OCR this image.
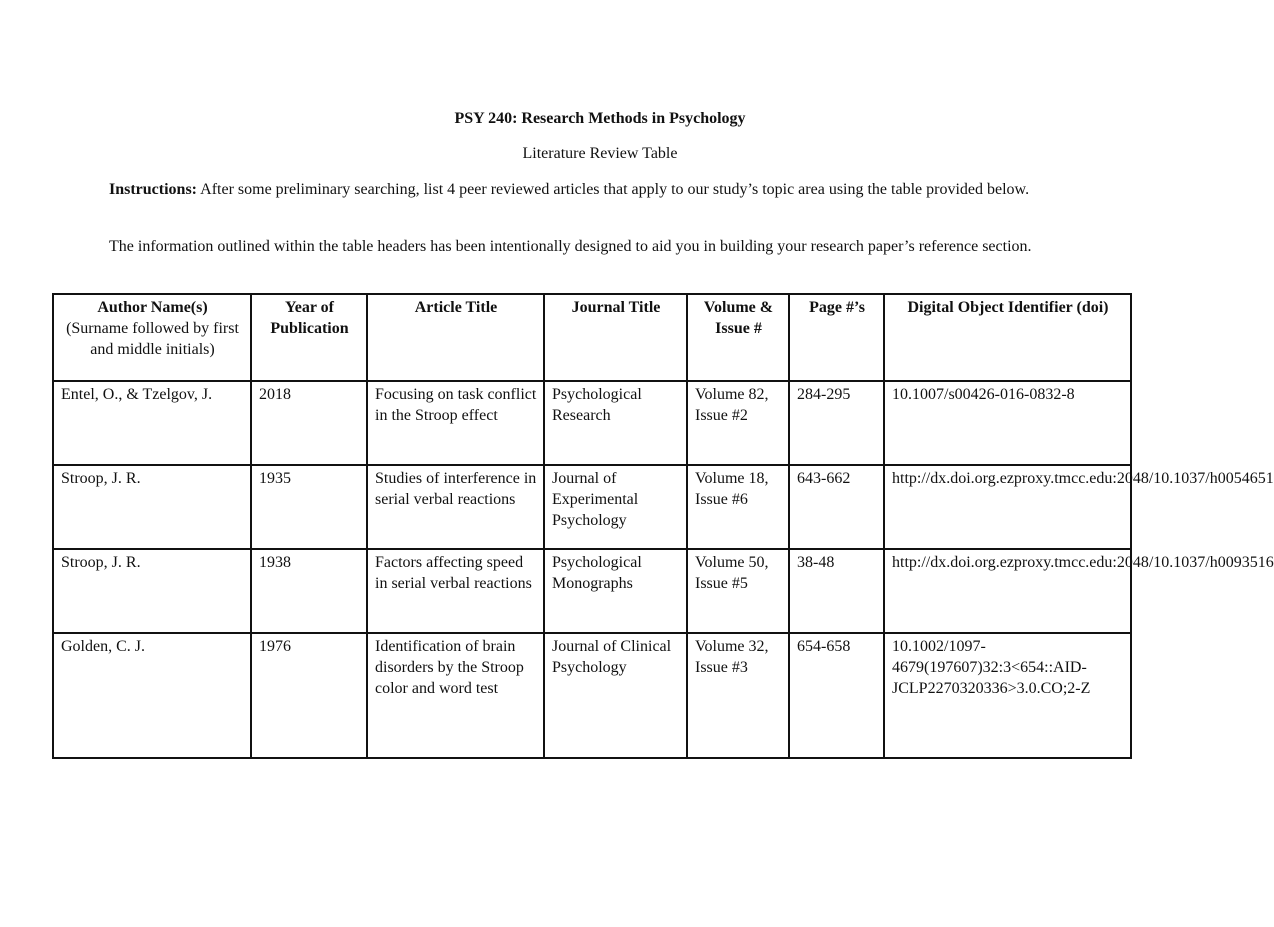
PSY 240: Research Methods in Psychology
Literature Review Table
Instructions: After some preliminary searching, list 4 peer reviewed articles that apply to our study’s topic area using the table provided below.
The information outlined within the table headers has been intentionally designed to aid you in building your research paper’s reference section.
Author Name(s)
(Surname followed by first and middle initials)	Year of Publication	Article Title	Journal Title	Volume & Issue #	Page #’s	Digital Object Identifier (doi)
Entel, O., & Tzelgov, J.	2018	Focusing on task conflict in the Stroop effect	Psychological Research	Volume 82, Issue #2	284-295	10.1007/s00426-016-0832-8
Stroop, J. R.	1935	Studies of interference in serial verbal reactions	Journal of Experimental Psychology	Volume 18, Issue #6	643-662	http://dx.doi.org.ezproxy.tmcc.edu:2048/10.1037/h0054651
Stroop, J. R.	1938	Factors affecting speed in serial verbal reactions	Psychological Monographs	Volume 50, Issue #5	38-48	http://dx.doi.org.ezproxy.tmcc.edu:2048/10.1037/h0093516
Golden, C. J.	1976	Identification of brain disorders by the Stroop color and word test	Journal of Clinical Psychology	Volume 32, Issue #3	654-658	10.1002/1097-4679(197607)32:3<654::AID-JCLP2270320336>3.0.CO;2-Z
